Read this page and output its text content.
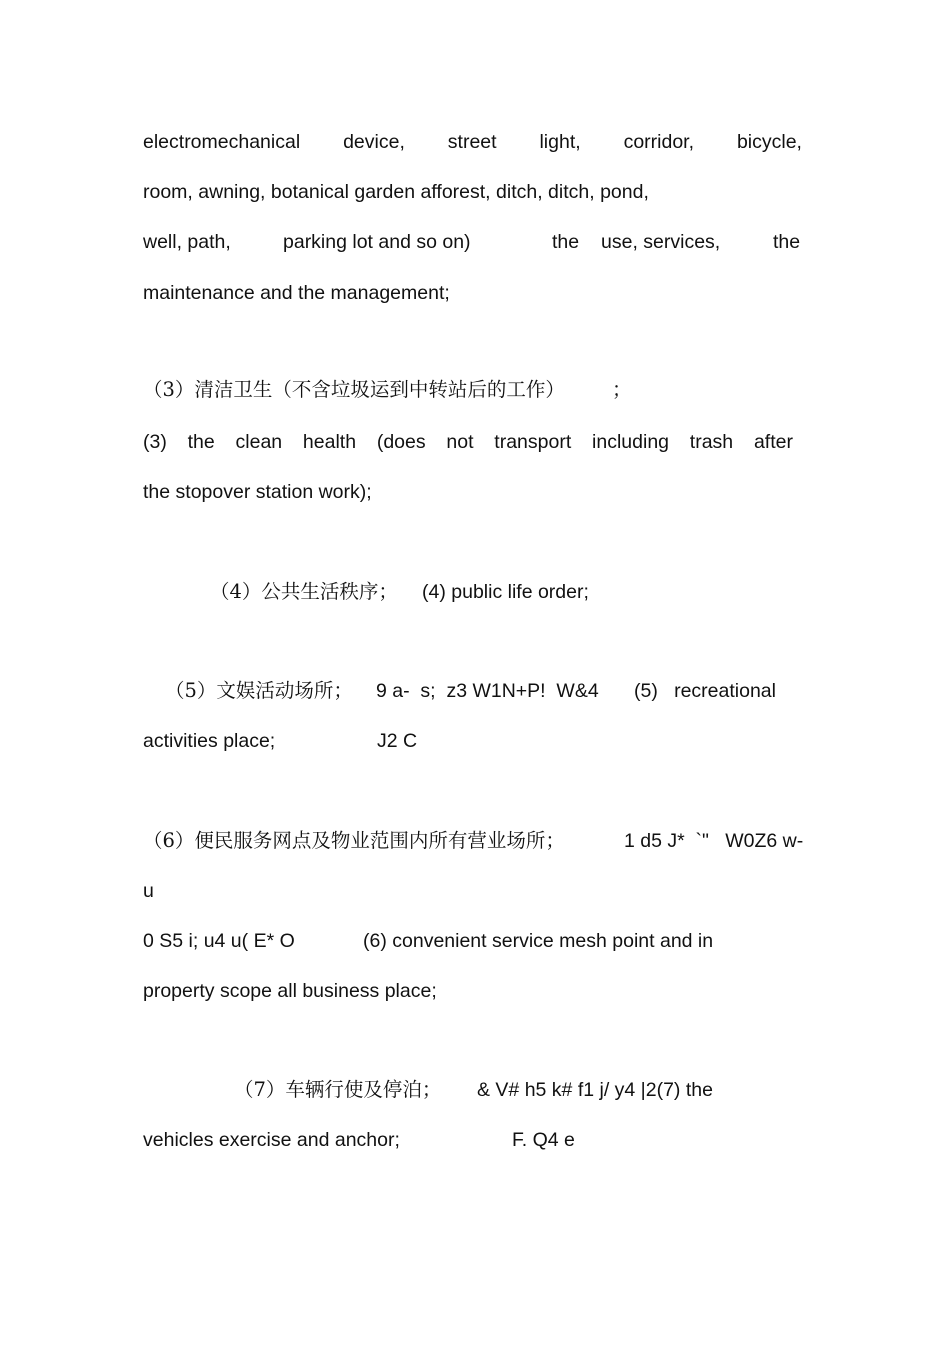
electromechanical device, street light, corridor, bicycle,
room, awning, botanical garden afforest, ditch, ditch, pond,
well, path,	parking lot and so on)	the use, services,	the
maintenance and the management;
（3）清洁卫生（不含垃圾运到中转站后的工作） ；
(3) the clean health (does not transport including trash after
the stopover station work);
（4）公共生活秩序； (4) public life order;
（5）文娱活动场所； 9 a-  s;  z3 W1N+P!  W&4 (5)   recreational
activities place;	J2 C
（6）便民服务网点及物业范围内所有营业场所；	1 d5 J*  `"   W0Z6 w-
u
0 S5 i; u4 u( E* O	(6) convenient service mesh point and in
property scope all business place;
（7）车辆行使及停泊； & V# h5 k# f1 j/ y4 |2(7) the
vehicles exercise and anchor;	F. Q4 e
